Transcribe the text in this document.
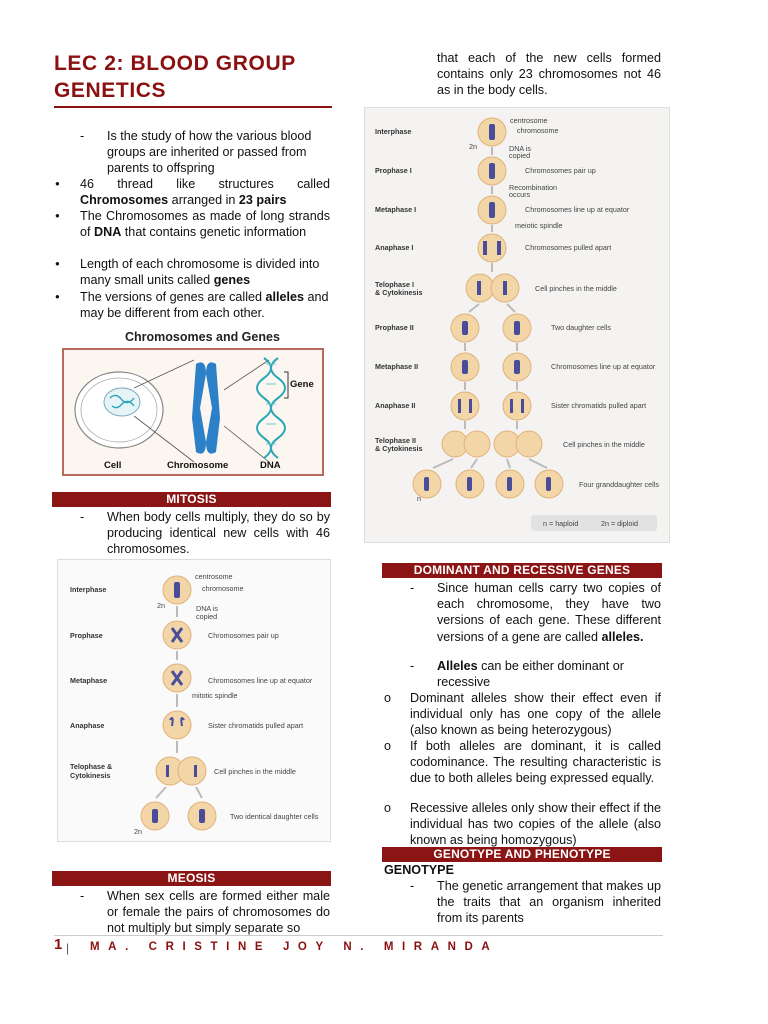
LEC 2: BLOOD GROUP
GENETICS
- Is the study of how the various blood groups are inherited or passed from parents to offspring
● 46 thread like structures called Chromosomes arranged in 23 pairs
● The Chromosomes as made of long strands of DNA that contains genetic information
● Length of each chromosome is divided into many small units called genes
● The versions of genes are called alleles and may be different from each other.
Chromosomes and Genes
Gene
Cell	Chromosome	DNA
MITOSIS
- When body cells multiply, they do so by producing identical new cells with 46 chromosomes.
Interphase
Prophase
Metaphase
Anaphase
Telophase &
Cytokinesis
centrosome
chromosome
2n	DNA is
copied
Chromosomes pair up
Chromosomes line up at equator
mitotic spindle
Sister chromatids pulled apart
Cell pinches in the middle
Two identical daughter cells
2n
MEOSIS
- When sex cells are formed either male or female the pairs of chromosomes do not multiply but simply separate so
that each of the new cells formed contains only 23 chromosomes not 46 as in the body cells.
Interphase
Prophase I
Metaphase I
Anaphase I
Telophase I
& Cytokinesis
Prophase II
Metaphase II
Anaphase II
Telophase II
& Cytokinesis
centrosome
chromosome
2n	DNA is
copied
Chromosomes pair up
Recombination
occurs
Chromosomes line up at equator
meiotic spindle
Chromosomes pulled apart
Cell pinches in the middle
Two daughter cells
Chromosomes line up at equator
Sister chromatids pulled apart
Cell pinches in the middle
Four granddaughter cells
n
n = haploid	2n = diploid
DOMINANT AND RECESSIVE GENES
- Since human cells carry two copies of each chromosome, they have two versions of each gene. These different versions of a gene are called alleles.
- Alleles can be either dominant or recessive
o Dominant alleles show their effect even if individual only has one copy of the allele (also known as being heterozygous)
o If both alleles are dominant, it is called codominance. The resulting characteristic is due to both alleles being expressed equally.
o Recessive alleles only show their effect if the individual has two copies of the allele (also known as being homozygous)
GENOTYPE AND PHENOTYPE
GENOTYPE
- The genetic arrangement that makes up the traits that an organism inherited from its parents
1 | MA. CRISTINE JOY N. MIRANDA
